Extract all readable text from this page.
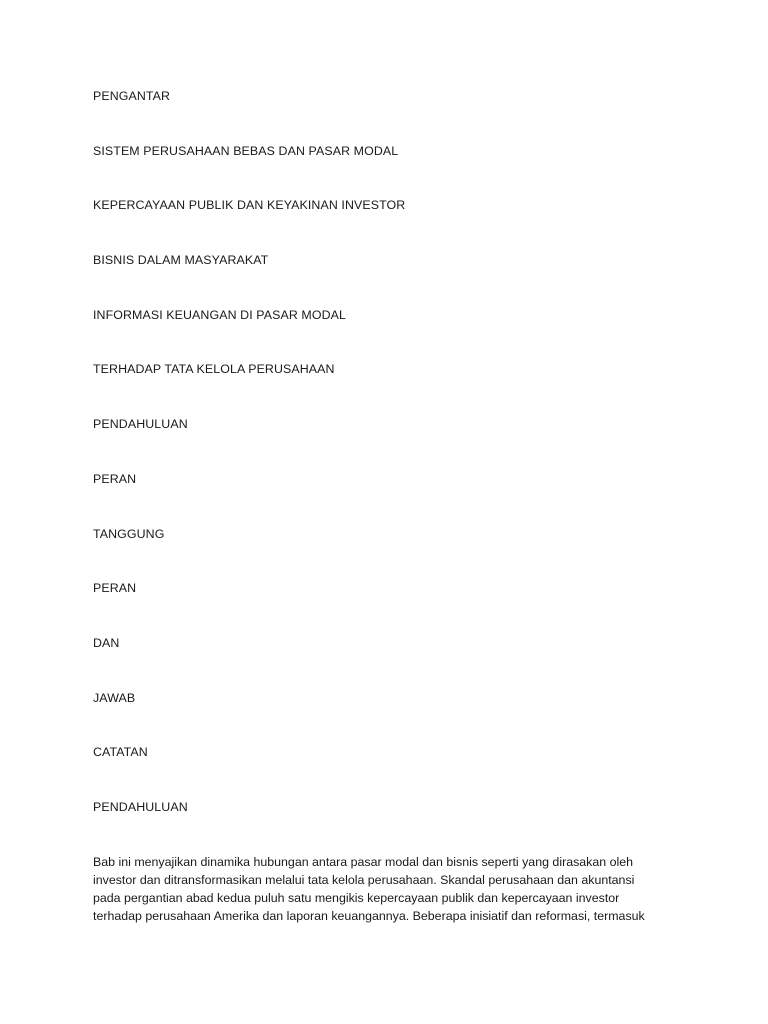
PENGANTAR
SISTEM PERUSAHAAN BEBAS DAN PASAR MODAL
KEPERCAYAAN PUBLIK DAN KEYAKINAN INVESTOR
BISNIS DALAM MASYARAKAT
INFORMASI KEUANGAN DI PASAR MODAL
TERHADAP TATA KELOLA PERUSAHAAN
PENDAHULUAN
PERAN
TANGGUNG
PERAN
DAN
JAWAB
CATATAN
PENDAHULUAN

Bab ini menyajikan dinamika hubungan antara pasar modal dan bisnis seperti yang dirasakan oleh
investor dan ditransformasikan melalui tata kelola perusahaan. Skandal perusahaan dan akuntansi
pada pergantian abad kedua puluh satu mengikis kepercayaan publik dan kepercayaan investor
terhadap perusahaan Amerika dan laporan keuangannya. Beberapa inisiatif dan reformasi, termasuk
